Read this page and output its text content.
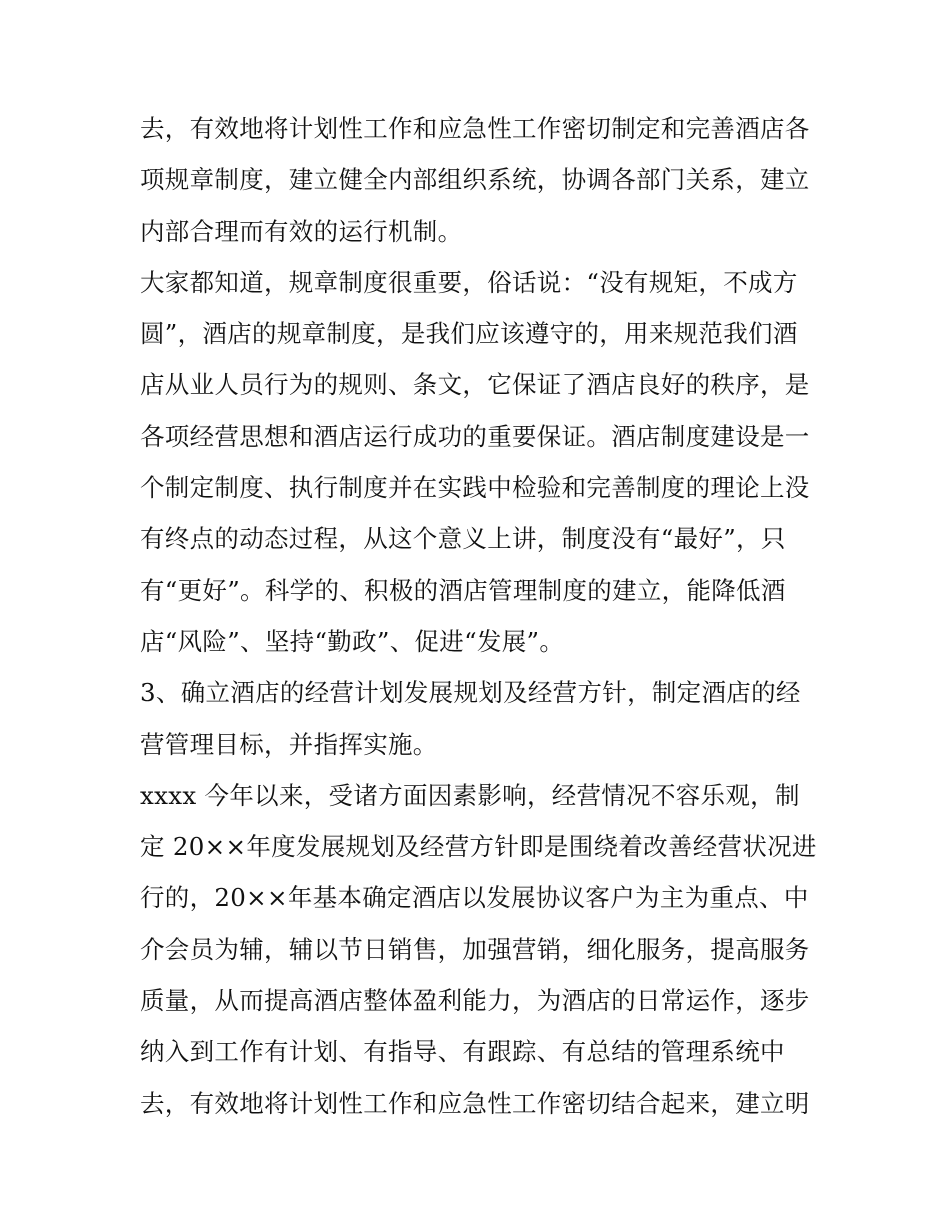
去，有效地将计划性工作和应急性工作密切制定和完善酒店各
项规章制度，建立健全内部组织系统，协调各部门关系，建立
内部合理而有效的运行机制。
大家都知道，规章制度很重要，俗话说：“没有规矩，不成方
圆”，酒店的规章制度，是我们应该遵守的，用来规范我们酒
店从业人员行为的规则、条文，它保证了酒店良好的秩序，是
各项经营思想和酒店运行成功的重要保证。酒店制度建设是一
个制定制度、执行制度并在实践中检验和完善制度的理论上没
有终点的动态过程，从这个意义上讲，制度没有“最好”，只
有“更好”。科学的、积极的酒店管理制度的建立，能降低酒
店“风险”、坚持“勤政”、促进“发展”。
3、确立酒店的经营计划发展规划及经营方针，制定酒店的经
营管理目标，并指挥实施。
xxxx 今年以来，受诸方面因素影响，经营情况不容乐观，制
定 20××年度发展规划及经营方针即是围绕着改善经营状况进
行的，20××年基本确定酒店以发展协议客户为主为重点、中
介会员为辅，辅以节日销售，加强营销，细化服务，提高服务
质量，从而提高酒店整体盈利能力，为酒店的日常运作，逐步
纳入到工作有计划、有指导、有跟踪、有总结的管理系统中
去，有效地将计划性工作和应急性工作密切结合起来，建立明
